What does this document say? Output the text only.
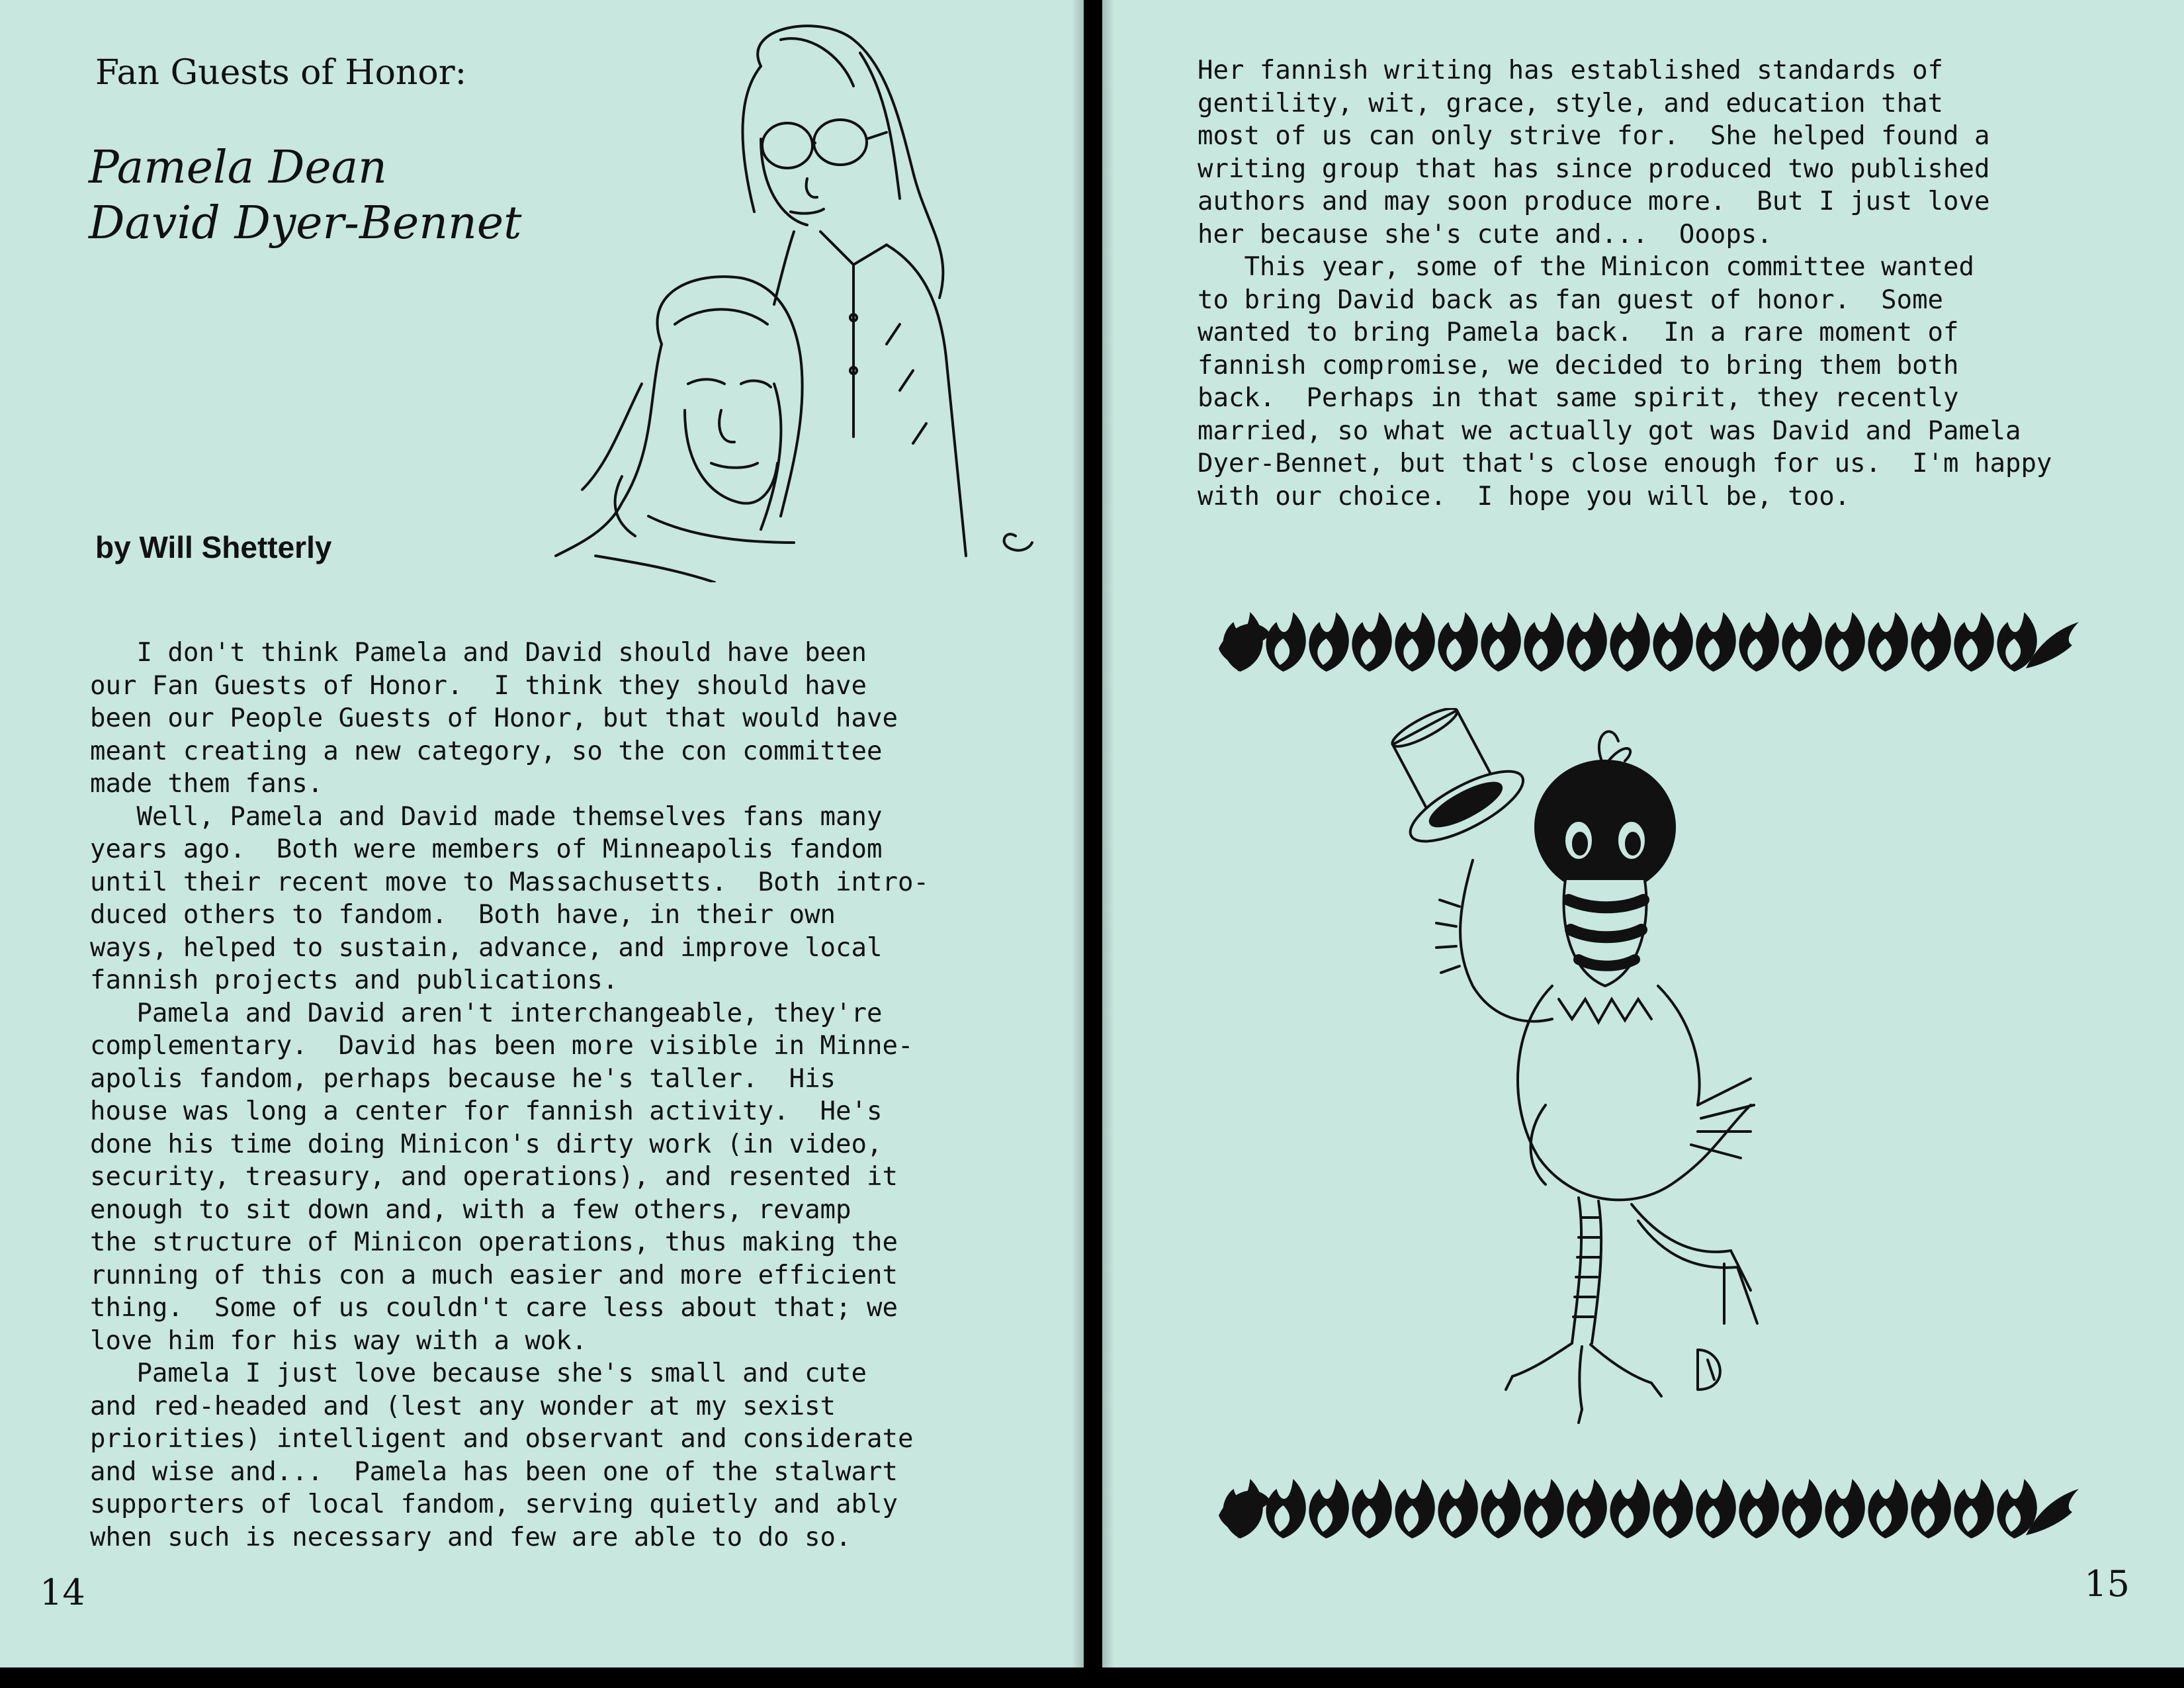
Fan Guests of Honor:
Pamela Dean
David Dyer-Bennet
by Will Shetterly
I don't think Pamela and David should have been
our Fan Guests of Honor.  I think they should have
been our People Guests of Honor, but that would have
meant creating a new category, so the con committee
made them fans.
Well, Pamela and David made themselves fans many
years ago.  Both were members of Minneapolis fandom
until their recent move to Massachusetts.  Both intro-
duced others to fandom.  Both have, in their own
ways, helped to sustain, advance, and improve local
fannish projects and publications.
Pamela and David aren't interchangeable, they're
complementary.  David has been more visible in Minne-
apolis fandom, perhaps because he's taller.  His
house was long a center for fannish activity.  He's
done his time doing Minicon's dirty work (in video,
security, treasury, and operations), and resented it
enough to sit down and, with a few others, revamp
the structure of Minicon operations, thus making the
running of this con a much easier and more efficient
thing.  Some of us couldn't care less about that; we
love him for his way with a wok.
Pamela I just love because she's small and cute
and red-headed and (lest any wonder at my sexist
priorities) intelligent and observant and considerate
and wise and...  Pamela has been one of the stalwart
supporters of local fandom, serving quietly and ably
when such is necessary and few are able to do so.
14
Her fannish writing has established standards of
gentility, wit, grace, style, and education that
most of us can only strive for.  She helped found a
writing group that has since produced two published
authors and may soon produce more.  But I just love
her because she's cute and...  Ooops.
This year, some of the Minicon committee wanted
to bring David back as fan guest of honor.  Some
wanted to bring Pamela back.  In a rare moment of
fannish compromise, we decided to bring them both
back.  Perhaps in that same spirit, they recently
married, so what we actually got was David and Pamela
Dyer-Bennet, but that's close enough for us.  I'm happy
with our choice.  I hope you will be, too.
15
